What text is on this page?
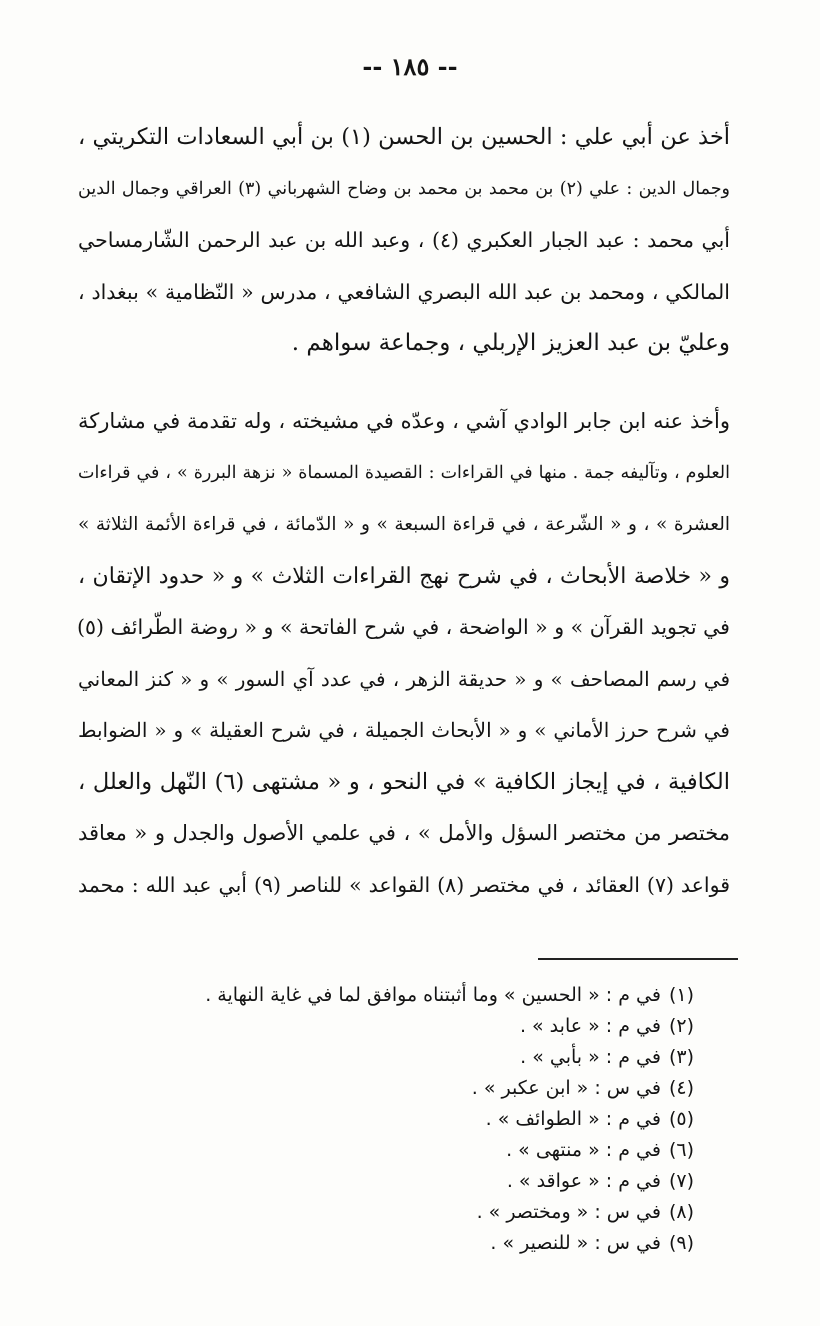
-- ١٨٥ --
أخذ عن أبي علي : الحسين بن الحسن (١) بن أبي السعادات التكريتي ،
وجمال الدين : علي (٢) بن محمد بن محمد بن وضاح الشهرباني (٣) العراقي وجمال الدين
أبي محمد : عبد الجبار العكبري (٤) ، وعبد الله بن عبد الرحمن الشّارمساحي
المالكي ، ومحمد بن عبد الله البصري الشافعي ، مدرس « النّظامية » ببغداد ،
وعليّ بن عبد العزيز الإربلي ، وجماعة سواهم .
وأخذ عنه ابن جابر الوادي آشي ، وعدّه في مشيخته ، وله تقدمة في مشاركة
العلوم ، وتآليفه جمة . منها في القراءات : القصيدة المسماة « نزهة البررة » ، في قراءات
العشرة » ، و « الشّرعة ، في قراءة السبعة » و « الدّمائة ، في قراءة الأئمة الثلاثة »
و « خلاصة الأبحاث ، في شرح نهج القراءات الثلاث » و « حدود الإتقان ،
في تجويد القرآن » و « الواضحة ، في شرح الفاتحة » و « روضة الطّرائف (٥)
في رسم المصاحف » و « حديقة الزهر ، في عدد آي السور » و « كنز المعاني
في شرح حرز الأماني » و « الأبحاث الجميلة ، في شرح العقيلة » و « الضوابط
الكافية ، في إيجاز الكافية » في النحو ، و « مشتهى (٦) النّهل والعلل ،
مختصر من مختصر السؤل والأمل » ، في علمي الأصول والجدل و « معاقد
قواعد (٧) العقائد ، في مختصر (٨) القواعد » للناصر (٩) أبي عبد الله : محمد
(١)في م : « الحسين » وما أثبتناه موافق لما في غاية النهاية .
(٢)في م : « عابد » .
(٣)في م : « بأبي » .
(٤)في س : « ابن عكبر » .
(٥)في م : « الطوائف » .
(٦)في م : « منتهى » .
(٧)في م : « عواقد » .
(٨)في س : « ومختصر » .
(٩)في س : « للنصير » .
